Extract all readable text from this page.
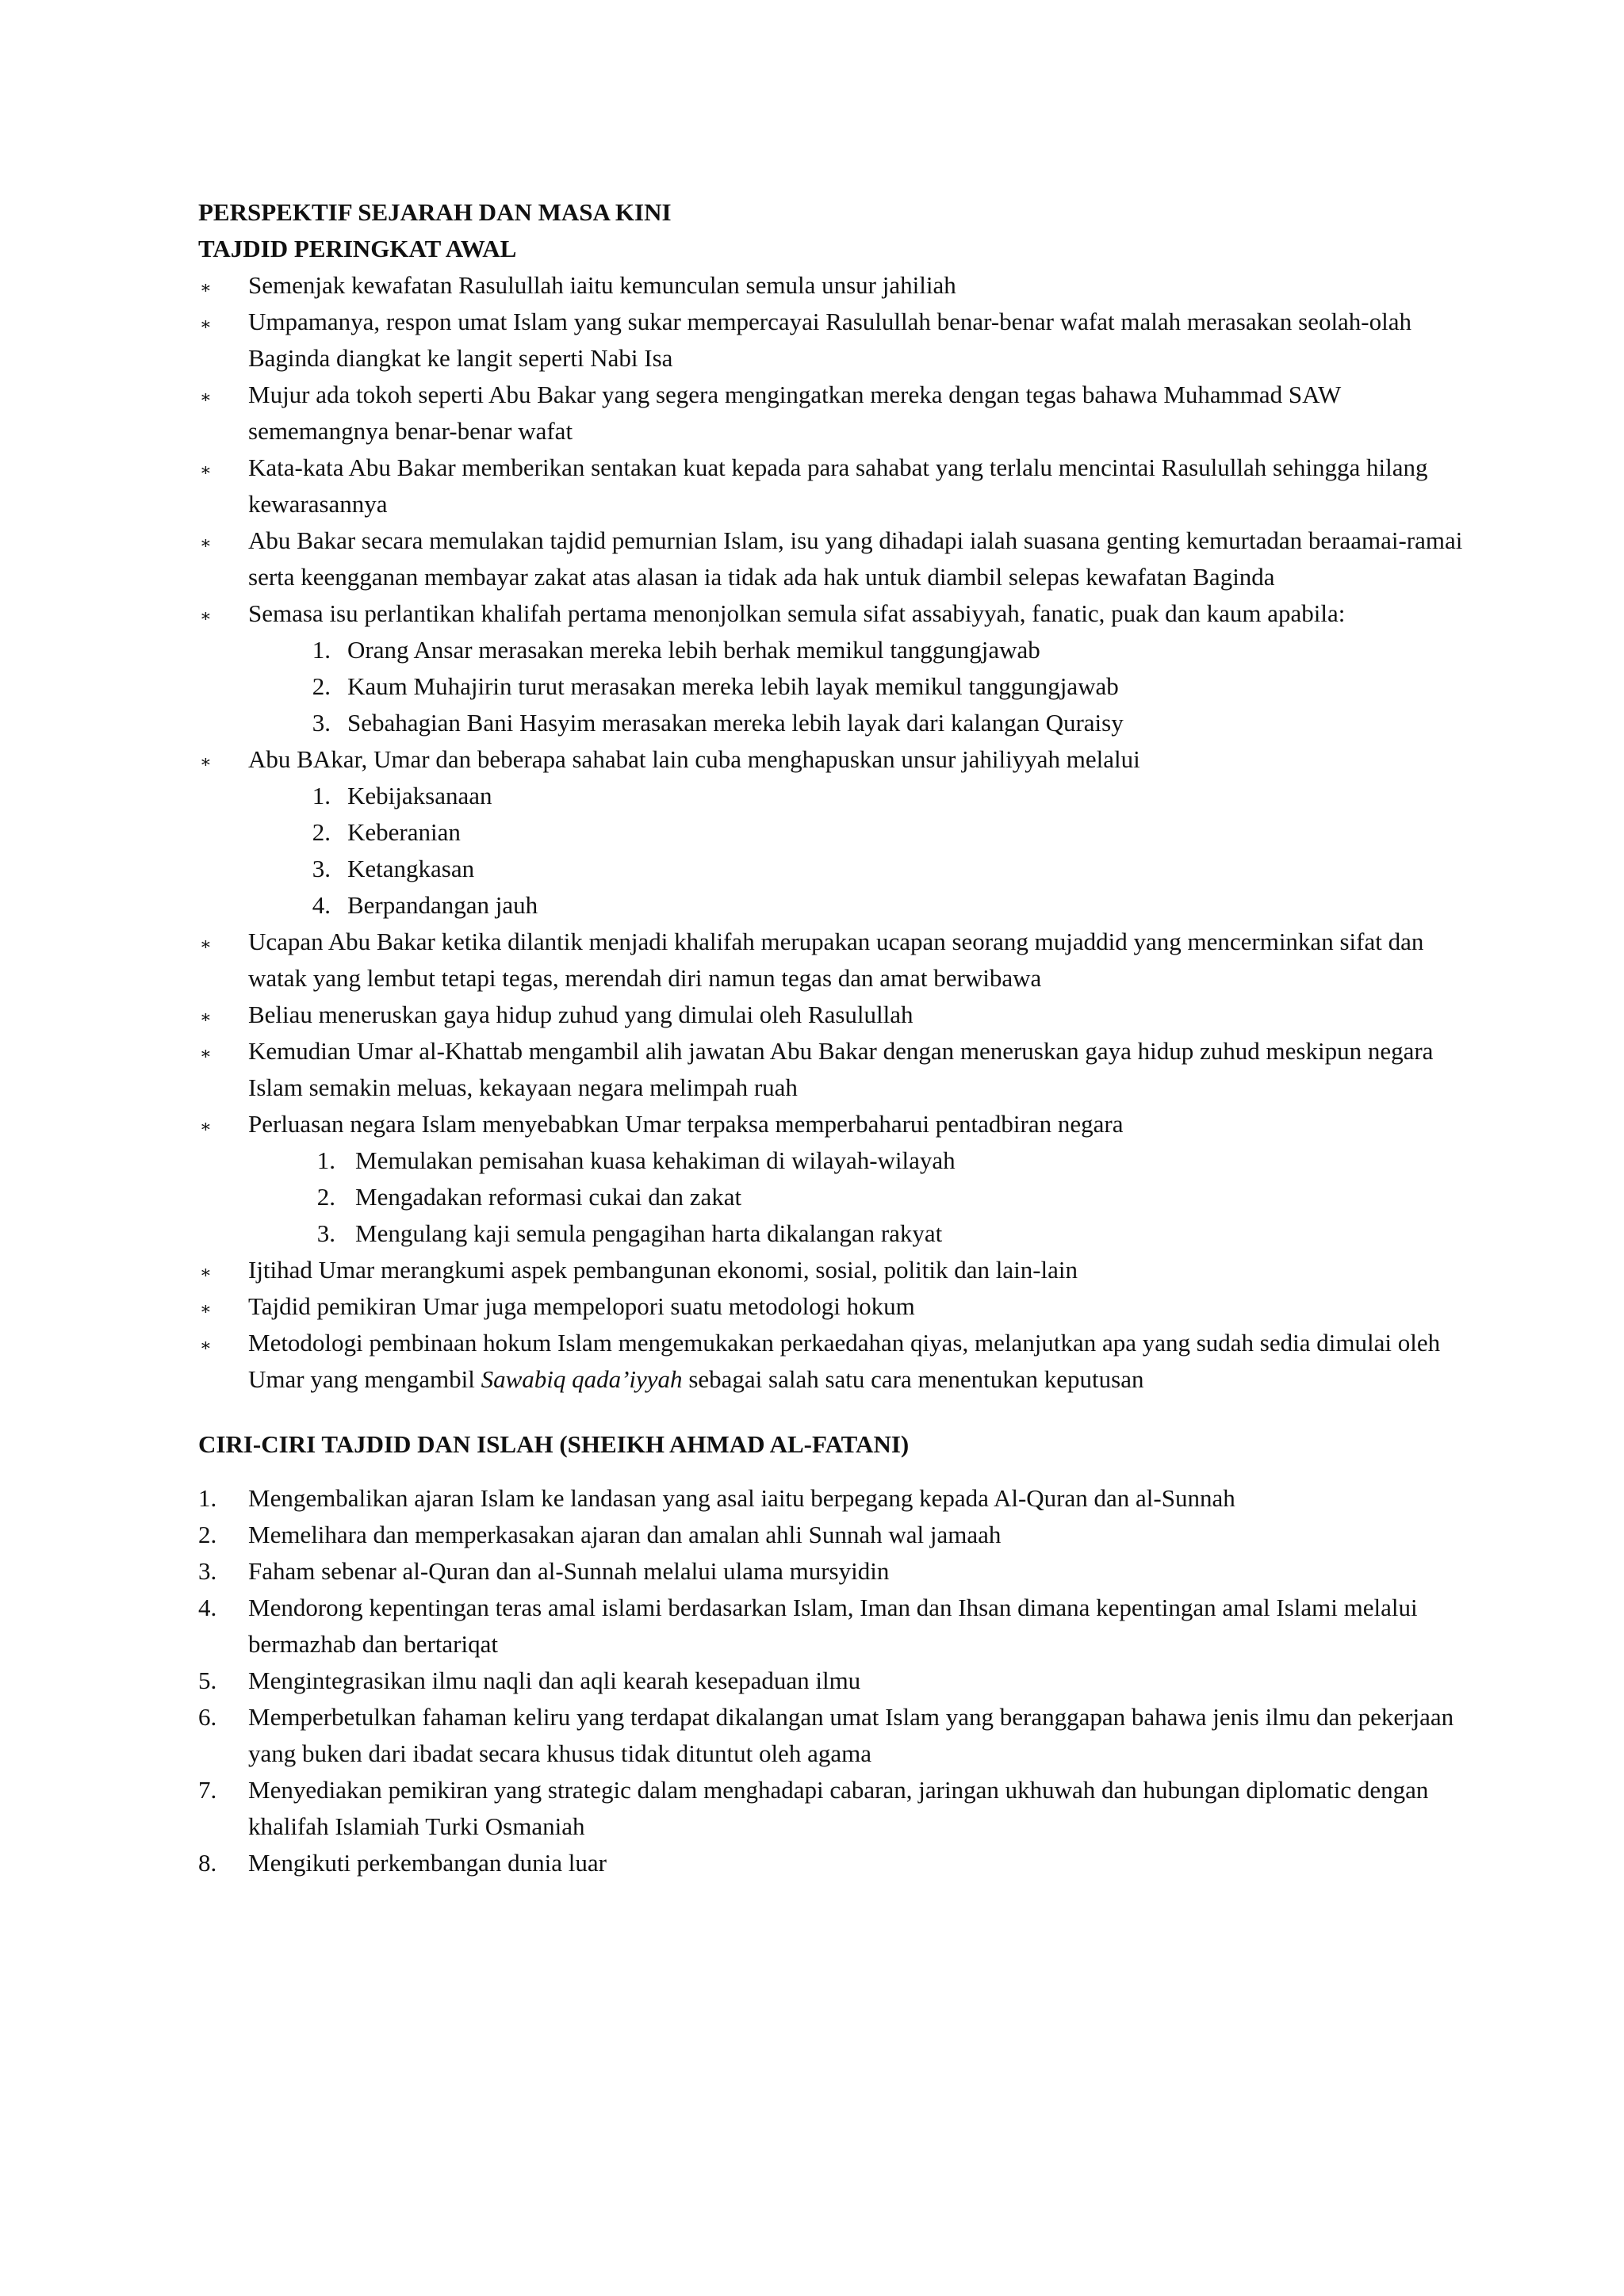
PERSPEKTIF SEJARAH DAN MASA KINI
TAJDID PERINGKAT AWAL
∗ Semenjak kewafatan Rasulullah iaitu kemunculan semula unsur jahiliah
∗ Umpamanya, respon umat Islam yang sukar mempercayai Rasulullah benar-benar wafat malah merasakan seolah-olah Baginda diangkat ke langit seperti Nabi Isa
∗ Mujur ada tokoh seperti Abu Bakar yang segera mengingatkan mereka dengan tegas bahawa Muhammad SAW sememangnya benar-benar wafat
∗ Kata-kata Abu Bakar memberikan sentakan kuat kepada para sahabat yang terlalu mencintai Rasulullah sehingga hilang kewarasannya
∗ Abu Bakar secara memulakan tajdid pemurnian Islam, isu yang dihadapi ialah suasana genting kemurtadan beraamai-ramai serta keengganan membayar zakat atas alasan ia tidak ada hak untuk diambil selepas kewafatan Baginda
∗ Semasa isu perlantikan khalifah pertama menonjolkan semula sifat assabiyyah, fanatic, puak dan kaum apabila:
1. Orang Ansar merasakan mereka lebih berhak memikul tanggungjawab
2. Kaum Muhajirin turut merasakan mereka lebih layak memikul tanggungjawab
3. Sebahagian Bani Hasyim merasakan mereka lebih layak dari kalangan Quraisy
∗ Abu BAkar, Umar dan beberapa sahabat lain cuba menghapuskan unsur jahiliyyah melalui
1. Kebijaksanaan
2. Keberanian
3. Ketangkasan
4. Berpandangan jauh
∗ Ucapan Abu Bakar ketika dilantik menjadi khalifah merupakan ucapan seorang mujaddid yang mencerminkan sifat dan watak yang lembut tetapi tegas, merendah diri namun tegas dan amat berwibawa
∗ Beliau meneruskan gaya hidup zuhud yang dimulai oleh Rasulullah
∗ Kemudian Umar al-Khattab mengambil alih jawatan Abu Bakar dengan meneruskan gaya hidup zuhud meskipun negara Islam semakin meluas, kekayaan negara melimpah ruah
∗ Perluasan negara Islam menyebabkan Umar terpaksa memperbaharui pentadbiran negara
1. Memulakan pemisahan kuasa kehakiman di wilayah-wilayah
2. Mengadakan reformasi cukai dan zakat
3. Mengulang kaji semula pengagihan harta dikalangan rakyat
∗ Ijtihad Umar merangkumi aspek pembangunan ekonomi, sosial, politik dan lain-lain
∗ Tajdid pemikiran Umar juga mempelopori suatu metodologi hokum
∗ Metodologi pembinaan hokum Islam mengemukakan perkaedahan qiyas, melanjutkan apa yang sudah sedia dimulai oleh Umar yang mengambil Sawabiq qada’iyyah sebagai salah satu cara menentukan keputusan
CIRI-CIRI TAJDID DAN ISLAH (SHEIKH AHMAD AL-FATANI)
1. Mengembalikan ajaran Islam ke landasan yang asal iaitu berpegang kepada Al-Quran dan al-Sunnah
2. Memelihara dan memperkasakan ajaran dan amalan ahli Sunnah wal jamaah
3. Faham sebenar al-Quran dan al-Sunnah melalui ulama mursyidin
4. Mendorong kepentingan teras amal islami berdasarkan Islam, Iman dan Ihsan dimana kepentingan amal Islami melalui bermazhab dan bertariqat
5. Mengintegrasikan ilmu naqli dan aqli kearah kesepaduan ilmu
6. Memperbetulkan fahaman keliru yang terdapat dikalangan umat Islam yang beranggapan bahawa jenis ilmu dan pekerjaan yang buken dari ibadat secara khusus tidak dituntut oleh agama
7. Menyediakan pemikiran yang strategic dalam menghadapi cabaran, jaringan ukhuwah dan hubungan diplomatic dengan khalifah Islamiah Turki Osmaniah
8. Mengikuti perkembangan dunia luar
